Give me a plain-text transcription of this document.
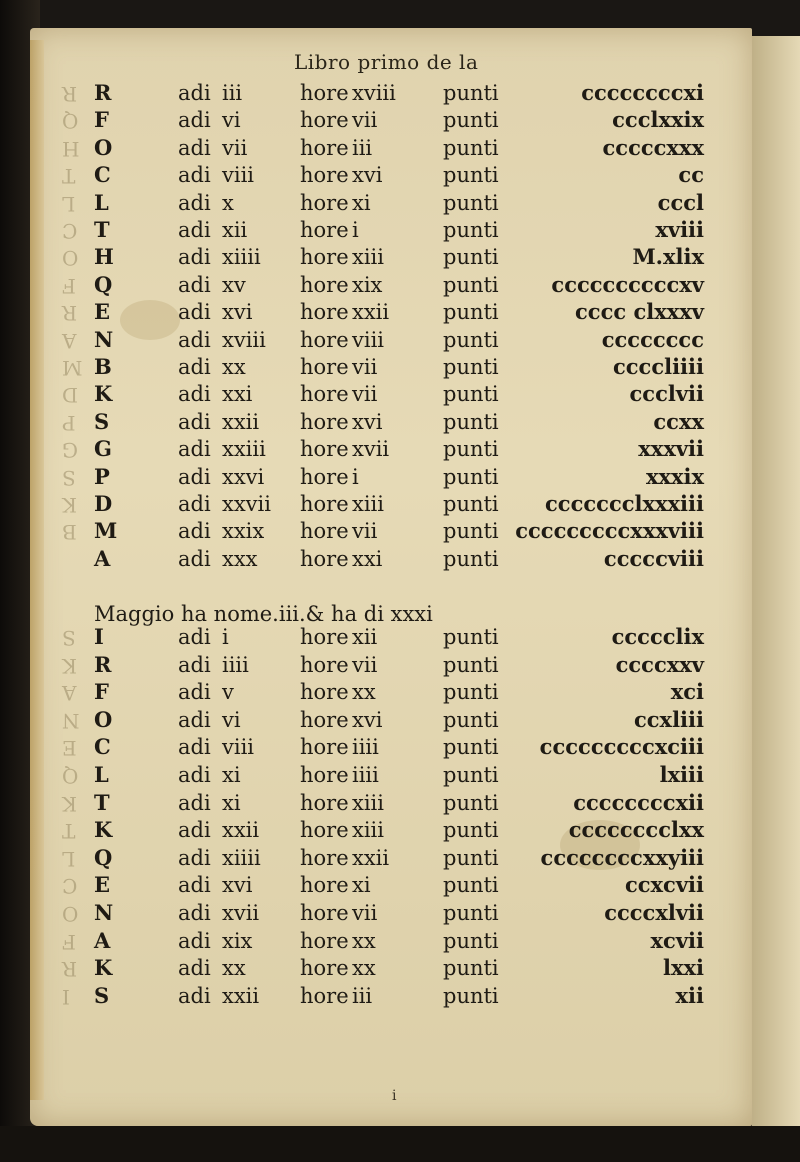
Libro primo de la
R	adi iii	hore xviii punti	ccccccccxi
F	adi vi	hore vii	punti	ccclxxix
O	adi vii	hore iii	punti	cccccxxx
C	adi viii hore xvi	punti	cc
L	adi x	hore xi	punti	cccl
T	adi xii	hore i	punti	xviii
H	adi xiiii hore xiii	punti	M.xlix
Q	adi xv	hore xix	punti	ccccccccccxv
E	adi xvi hore xxii	punti	cccc clxxxv
N	adi xviii hore viii	punti	cccccccc
B	adi xx	hore vii	punti	ccccliiii
K	adi xxi hore vii	punti	ccclvii
S	adi xxii hore xvi	punti	ccxx
G	adi xxiii hore xvii	punti	xxxvii
P	adi xxvi hore i	punti	xxxix
D	adi xxvii hore xiii	punti ccccccclxxxiii
M	adi xxix hore vii	punti cccccccccxxxviii
A	adi xxx hore xxi	punti	cccccviii
Maggio ha nome.iii.& ha di xxxi
I	adi i	hore xii	punti	ccccclix
R	adi iiii hore vii	punti	ccccxxv
F	adi v	hore xx	punti	xci
O	adi vi	hore xvi	punti	ccxliii
C	adi viii hore iiii	punti cccccccccxciii
L	adi xi	hore iiii	punti	lxiii
T	adi xi	hore xiii	punti	ccccccccxii
K	adi xxii hore xiii	punti	cccccccclxx
Q	adi xiiii hore xxii	punti ccccccccxxyiii
E	adi xvi hore xi	punti	ccxcvii
N	adi xvii hore vii	punti	ccccxlvii
A	adi xix hore xx	punti	xcvii
K	adi xx	hore xx	punti	lxxi
S	adi xxii hore iii	punti	xii
R
Q
H
T
L
C
O
F
R
A
M
D
P
G
S
K
B
S
K
A
N
E
Q
K
T
L
C
O
F
R
I
i
